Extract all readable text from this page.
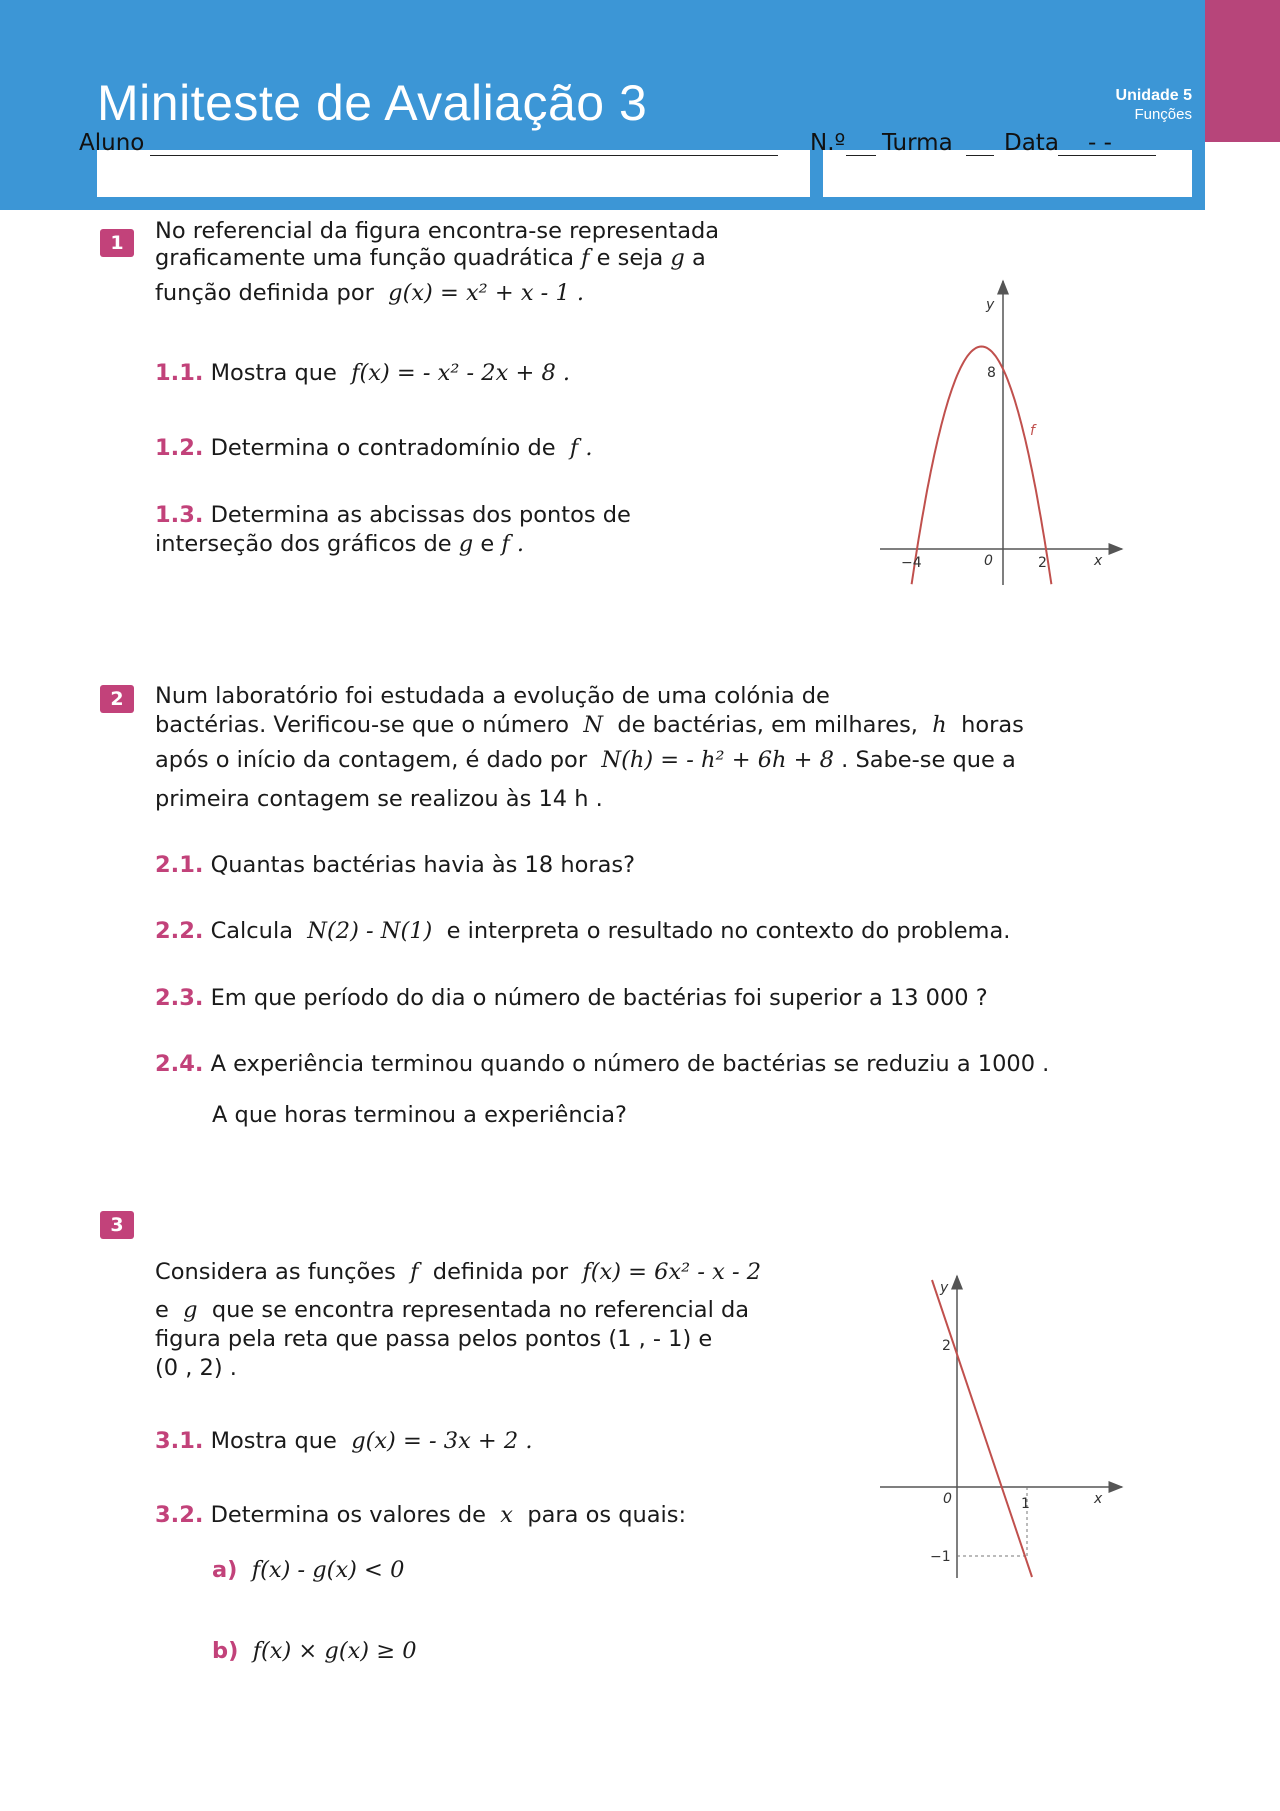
Miniteste de Avaliação 3	Unidade 5
Funções
Aluno	N.º Turma Data - -
1	No referencial da figura encontra-se representada
graficamente uma função quadrática f e seja g a
função definida por g(x) = x² + x - 1 .
1.1. Mostra que f(x) = - x² - 2x + 8 .
1.2. Determina o contradomínio de f .
1.3. Determina as abcissas dos pontos de
interseção dos gráficos de g e f .
y
x
8
0
−4	2
f
2	Num laboratório foi estudada a evolução de uma colónia de
bactérias. Verificou-se que o número N de bactérias, em milhares, h horas
após o início da contagem, é dado por N(h) = - h² + 6h + 8 . Sabe-se que a
primeira contagem se realizou às 14 h .
2.1. Quantas bactérias havia às 18 horas?
2.2. Calcula N(2) - N(1) e interpreta o resultado no contexto do problema.
2.3. Em que período do dia o número de bactérias foi superior a 13 000 ?
2.4. A experiência terminou quando o número de bactérias se reduziu a 1000 .
A que horas terminou a experiência?
3
Considera as funções f definida por f(x) = 6x² - x - 2
e g que se encontra representada no referencial da
figura pela reta que passa pelos pontos (1 , - 1) e
(0 , 2) .
3.1. Mostra que g(x) = - 3x + 2 .
3.2. Determina os valores de x para os quais:
a) f(x) - g(x) < 0
b) f(x) × g(x) ≥ 0
y
x
2
0	1
−1
